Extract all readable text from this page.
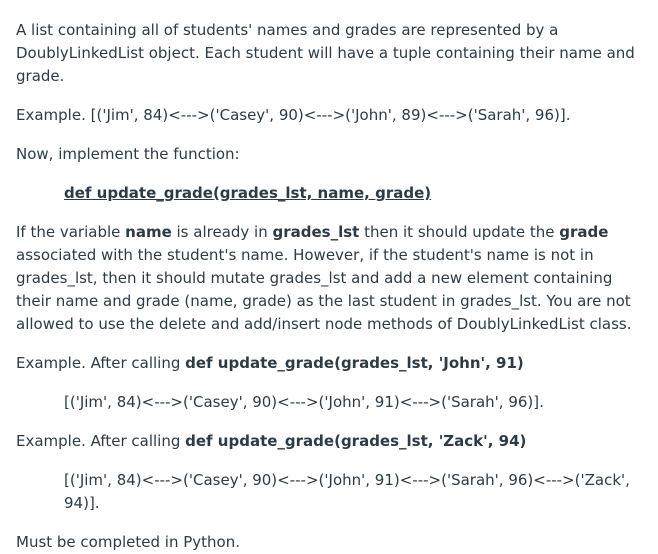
A list containing all of students' names and grades are represented by a DoublyLinkedList object. Each student will have a tuple containing their name and grade.

Example. [('Jim', 84)<--->('Casey', 90)<--->('John', 89)<--->('Sarah', 96)].

Now, implement the function:

def update_grade(grades_lst, name, grade)

If the variable name is already in grades_lst then it should update the grade associated with the student's name. However, if the student's name is not in grades_lst, then it should mutate grades_lst and add a new element containing their name and grade (name, grade) as the last student in grades_lst. You are not allowed to use the delete and add/insert node methods of DoublyLinkedList class.

Example. After calling def update_grade(grades_lst, 'John', 91)

[('Jim', 84)<--->('Casey', 90)<--->('John', 91)<--->('Sarah', 96)].

Example. After calling def update_grade(grades_lst, 'Zack', 94)

[('Jim', 84)<--->('Casey', 90)<--->('John', 91)<--->('Sarah', 96)<--->('Zack', 94)].

Must be completed in Python.
